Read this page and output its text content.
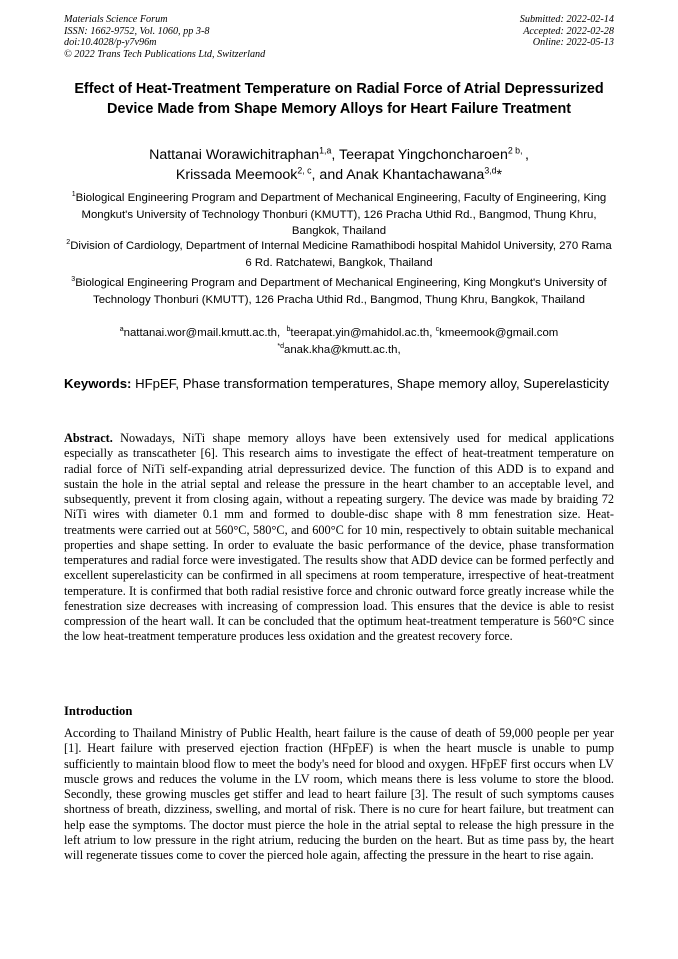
Materials Science Forum
ISSN: 1662-9752, Vol. 1060, pp 3-8
doi:10.4028/p-y7v96m
© 2022 Trans Tech Publications Ltd, Switzerland
Submitted: 2022-02-14
Accepted: 2022-02-28
Online: 2022-05-13
Effect of Heat-Treatment Temperature on Radial Force of Atrial Depressurized Device Made from Shape Memory Alloys for Heart Failure Treatment
Nattanai Worawichitraphan$^{1,a}$, Teerapat Yingchoncharoen$^{2 b,}$ ,
Krissada Meemook$^{2, c}$, and Anak Khantachawana$^{3,d}$*
$^1$Biological Engineering Program and Department of Mechanical Engineering, Faculty of Engineering, King Mongkut's University of Technology Thonburi (KMUTT), 126 Pracha Uthid Rd., Bangmod, Thung Khru, Bangkok, Thailand
$^2$Division of Cardiology, Department of Internal Medicine Ramathibodi hospital Mahidol University, 270 Rama 6 Rd. Ratchatewi, Bangkok, Thailand
$^3$Biological Engineering Program and Department of Mechanical Engineering, King Mongkut's University of Technology Thonburi (KMUTT), 126 Pracha Uthid Rd., Bangmod, Thung Khru, Bangkok, Thailand
$^a$nattanai.wor@mail.kmutt.ac.th, $^b$teerapat.yin@mahidol.ac.th, $^c$kmeemook@gmail.com
$^{*d}$anak.kha@kmutt.ac.th,
Keywords: HFpEF, Phase transformation temperatures, Shape memory alloy, Superelasticity
Abstract. Nowadays, NiTi shape memory alloys have been extensively used for medical applications especially as transcatheter [6]. This research aims to investigate the effect of heat-treatment temperature on radial force of NiTi self-expanding atrial depressurized device. The function of this ADD is to expand and sustain the hole in the atrial septal and release the pressure in the heart chamber to an acceptable level, and subsequently, prevent it from closing again, without a repeating surgery. The device was made by braiding 72 NiTi wires with diameter 0.1 mm and formed to double-disc shape with 8 mm fenestration size. Heat-treatments were carried out at 560°C, 580°C, and 600°C for 10 min, respectively to obtain suitable mechanical properties and shape setting. In order to evaluate the basic performance of the device, phase transformation temperatures and radial force were investigated. The results show that ADD device can be formed perfectly and excellent superelasticity can be confirmed in all specimens at room temperature, irrespective of heat-treatment temperature. It is confirmed that both radial resistive force and chronic outward force greatly increase while the fenestration size decreases with increasing of compression load. This ensures that the device is able to resist compression of the heart wall. It can be concluded that the optimum heat-treatment temperature is 560°C since the low heat-treatment temperature produces less oxidation and the greatest recovery force.
Introduction
According to Thailand Ministry of Public Health, heart failure is the cause of death of 59,000 people per year [1]. Heart failure with preserved ejection fraction (HFpEF) is when the heart muscle is unable to pump sufficiently to maintain blood flow to meet the body's need for blood and oxygen. HFpEF first occurs when LV muscle grows and reduces the volume in the LV room, which means there is less volume to store the blood. Secondly, these growing muscles get stiffer and lead to heart failure [3]. The result of such symptoms causes shortness of breath, dizziness, swelling, and mortal of risk. There is no cure for heart failure, but treatment can help ease the symptoms. The doctor must pierce the hole in the atrial septal to release the high pressure in the left atrium to low pressure in the right atrium, reducing the burden on the heart. But as time pass by, the heart will regenerate tissues come to cover the pierced hole again, affecting the pressure in the heart to rise again.
